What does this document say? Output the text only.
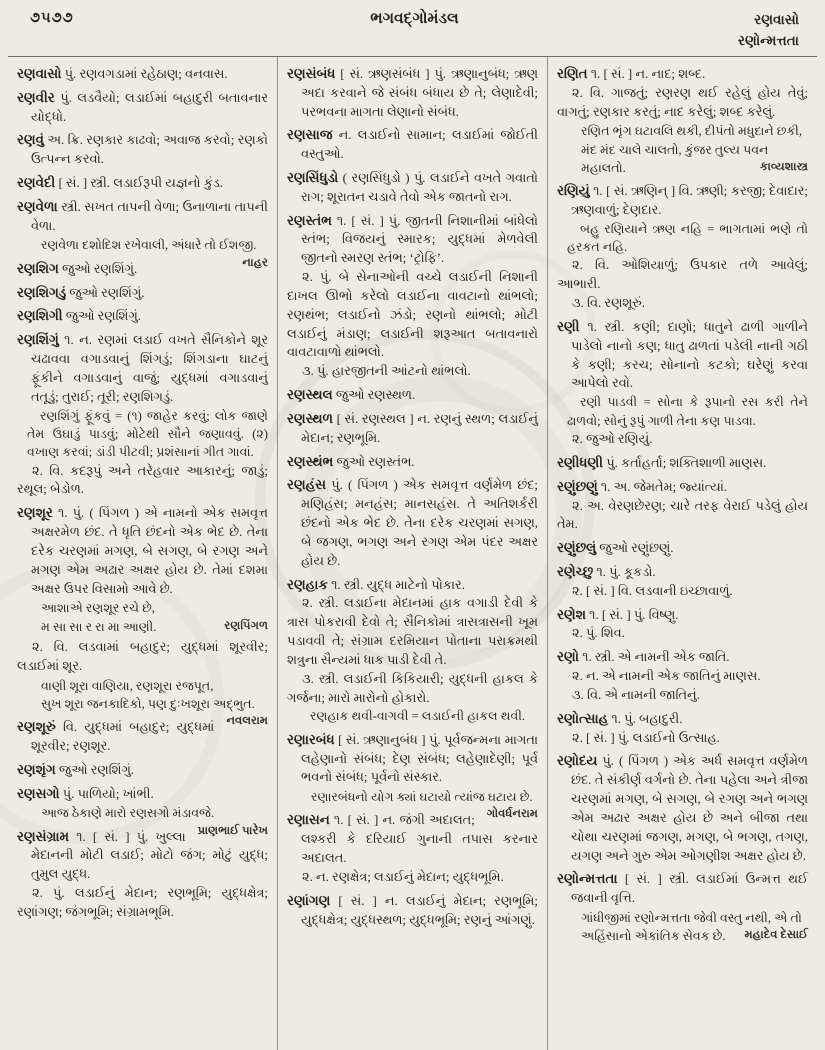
૭૫૭૭	ભગવદ્ગોમંડલ	રણવાસો
રણોન્મત્તતા

રણવાસો પું. રણવગડામાં રહેઠાણ; વનવાસ.

રણવીર પું. લડવૈયો; લડાઈમાં બહાદુરી બતાવનાર યોદ્ધો.

રણવું અ. ક્રિ. રણકાર કાઢવો; અવાજ કરવો; રણકો ઉત્પન્ન કરવો.

રણવેદી [ સં. ] સ્ત્રી. લડાઈરૂપી યજ્ઞનો કુંડ.

રણવેળા સ્ત્રી. સખત તાપની વેળા; ઉનાળાના તાપની વેળા.

રણવેળા દશોદિશ રખેવાલી, અંધારે તો ઈશજી.
નાહર

રણશિગ જુઓ રણશિંગું.

રણશિગડું જુઓ રણશિંગું.

રણશિગી જુઓ રણશિંગું.

રણશિંગું ૧. ન. રણમાં લડાઈ વખતે સૈનિકોને શૂર ચઢાવવા વગાડવાનું શિંગડું; શિંગડાના ઘાટનું ફૂંકીને વગાડવાનું વાજું; યુદ્ધમાં વગાડવાનું તતૂડું; તુરાઈ; તૂરી; રણશિગડું.

રણશિંગું ફૂંકવું = (૧) જાહેર કરવું; લોક જાણે તેમ ઉઘાડું પાડવું; મોટેથી સૌને જણાવવું. (૨) વખાણ કરવાં; ડાંડી પીટવી; પ્રશંસાનાં ગીત ગાવાં.

૨. વિ. કદરૂપું અને તરેહવાર આકારનું; જાડું; રથૂલ; બેડોળ.

રણશૂર ૧. પું. ( પિંગળ ) એ નામનો એક સમવૃત્ત અક્ષરમેળ છંદ. તે ધૃતિ છંદનો એક ભેદ છે. તેના દરેક ચરણમાં મગણ, બે સગણ, બે રગણ અને મગણ એમ અઢાર અક્ષર હોય છે. તેમાં દશમા અક્ષર ઉપર વિસામો આવે છે.

આશાએ રણશૂર રચે છે,
મ સા સા ર રા મા આણી.	રણપિંગળ

૨. વિ. લડવામાં બહાદુર; યુદ્ધમાં શૂરવીર; લડાઈમાં શૂર.

વાણી શૂરા વાણિયા, રણશૂરા રજપૂત,
સુખ શૂરા જનકાદિકો, પણ દુઃખશૂરા અદ્ભુત.
નવલરામ

રણશૂરું વિ. યુદ્ધમાં બહાદુર; યુદ્ધમાં શૂરવીર; રણશૂર.

રણશૃંગ જુઓ રણશિંગું.

રણસગો પું. પાળિયો; ખાંભી.

આજ ઠેકાણે મારો રણસગો મંડાવજે.
પ્રાણભાઈ પારેખ

રણસંગ્રામ ૧. [ સં. ] પું. ખુલ્લા મેદાનની મોટી લડાઈ; મોટો જંગ; મોટું યુદ્ધ; તુમુલ યુદ્ધ.

૨. પું. લડાઈનું મેદાન; રણભૂમિ; યુદ્ધક્ષેત્ર; રણાંગણ; જંગભૂમિ; સંગ્રામભૂમિ.

રણસંબંધ [ સં. ઋણસંબંધ ] પું. ઋણાનુબંધ; ઋણ અદા કરવાને જે સંબંધ બંધાય છે તે; લેણાદેવી; પરભવના માગતા લેણાનો સંબંધ.

રણસાજ ન. લડાઈનો સામાન; લડાઈમાં જોઈતી વસ્તુઓ.

રણસિંધુડો ( રણસિંધુડો ) પું. લડાઈને વખતે ગવાતો રાગ; શૂરાતન ચડાવે તેવો એક જાતનો રાગ.

રણસ્તંભ ૧. [ સં. ] પું. જીતની નિશાનીમાં બાંધેલો સ્તંભ; વિજયનું સ્મારક; યુદ્ધમાં મેળવેલી જીતનો સ્મરણ સ્તંભ; ‘ટ્રોફિ’.

૨. પું. બે સેનાઓની વચ્ચે લડાઈની નિશાની દાખલ ઊભો કરેલો લડાઈના વાવટાનો થાંભલો; રણથંભ; લડાઈનો ઝંડો; રણનો થાંભલો; મોટી લડાઈનું મંડાણ; લડાઈની શરૂઆત બતાવનારો વાવટાવાળો થાંભલો.

૩. પું. હારજીતની આંટનો થાંભલો.

રણસ્થલ જુઓ રણસ્થળ.

રણસ્થળ [ સં. રણસ્થલ ] ન. રણનું સ્થળ; લડાઈનું મેદાન; રણભૂમિ.

રણસ્થંભ જુઓ રણસ્તંભ.

રણહંસ પું. ( પિંગળ ) એક સમવૃત્ત વર્ણમેળ છંદ; મણિહંસ; મનહંસ; માનસહંસ. તે અતિશર્કરી છંદનો એક ભેદ છે. તેના દરેક ચરણમાં સગણ, બે જગણ, ભગણ અને રગણ એમ પંદર અક્ષર હોય છે.

રણહાક ૧. સ્ત્રી. યુદ્ધ માટેનો પોકાર.

૨. સ્ત્રી. લડાઈના મેદાનમાં હાક વગાડી દેવી કે ત્રાસ પોકરાવી દેવો તે; સૈનિકોમાં ત્રાસત્રાસની ખૂમ પડાવવી તે; સંગ્રામ દરમિયાન પોતાના પરાક્રમથી શત્રુના સૈન્યમાં ધાક પાડી દેવી તે.

૩. સ્ત્રી. લડાઈની કિકિયારી; યુદ્ધની હાકલ કે ગર્જના; મારો મારોનો હોકારો.

રણહાક થવી-વાગવી = લડાઈની હાકલ થવી.

રણારબંધ [ સં. ઋણાનુબંધ ] પું. પૂર્વજન્મના માગતા લહેણાનો સંબંધ; દેણ સંબંધ; લહેણાદેણી; પૂર્વ ભવનો સંબંધ; પૂર્વનો સંસ્કાર.

રણારબંધનો યોગ ક્યાં ઘટાયો ત્યાંજ ઘટાય છે.
ગોવર્ધનરામ

રણાસન ૧. [ સં. ] ન. જંગી અદાલત; લશ્કરી કે દરિયાઈ ગુનાની તપાસ કરનાર અદાલત.

૨. ન. રણક્ષેત્ર; લડાઈનું મેદાન; યુદ્ધભૂમિ.

રણાંગણ [ સં. ] ન. લડાઈનું મેદાન; રણભૂમિ; યુદ્ધક્ષેત્ર; યુદ્ધસ્થળ; યુદ્ધભૂમિ; રણનું આંગણું.

રણિત ૧. [ સં. ] ન. નાદ; શબ્દ.

૨. વિ. ગાજતું; રણરણ થઈ રહેલું હોય તેવું; વાગતું; રણકાર કરતું; નાદ કરેલું; શબ્દ કરેલું.

રણિત ભૃંગ ઘટાવલિ થકી, દીપંતો મધુદાને છકી,
મંદ મંદ ચાલે ચાલતો, કુંજર તુલ્ય પવન મહાલતો.	કાવ્યશાસ્ત્ર

રણિયું ૧. [ સં. ઋણિન્ ] વિ. ઋણી; કરજી; દેવાદાર; ઋણવાળું; દેણદાર.

બહુ રણિયાને ઋણ નહિ = ભાગતામાં ભણે તો હરકત નહિ.

૨. વિ. ઓશિયાળું; ઉપકાર તળે આવેલું; આભારી.

૩. વિ. રણશૂરું.

રણી ૧. સ્ત્રી. કણી; દાણો; ધાતુને ઢાળી ગાળીને પાડેલો નાનો કણ; ધાતુ ઢાળતાં પડેલી નાની ગઠી કે કણી; કરચ; સોનાનો કટકો; ઘરેણું કરવા આપેલો રવો.

રણી પાડવી = સોના કે રૂપાનો રસ કરી તેને ઢાળવો; સોનું રૂપું ગાળી તેના કણ પાડવા.

૨. જુઓ રણિયું.

રણીધણી પું. કર્તાહર્તા; શક્તિશાળી માણસ.

રણુંછણું ૧. અ. જેમતેમ; જ્યાંત્યાં.

૨. અ. વેરણછેરણ; ચારે તરફ વેરાઈ પડેલું હોય તેમ.

રણુંછલું જુઓ રણુંછણું.

રણેચ્છુ ૧. પું. કૂકડો.

૨. [ સં. ] વિ. લડવાની ઇચ્છાવાળું.

રણેશ ૧. [ સં. ] પું. વિષ્ણુ.

૨. પું. શિવ.

રણો ૧. સ્ત્રી. એ નામની એક જાતિ.

૨. ન. એ નામની એક જાતિનું માણસ.

૩. વિ. એ નામની જાતિનું.

રણોત્સાહ ૧. પું. બહાદુરી.

૨. [ સં. ] પું. લડાઈનો ઉત્સાહ.

રણોદય પું. ( પિંગળ ) એક અર્ધ સમવૃત્ત વર્ણમેળ છંદ. તે સંકીર્ણ વર્ગનો છે. તેના પહેલા અને ત્રીજા ચરણમાં મગણ, બે સગણ, બે રગણ અને ભગણ એમ અઢાર અક્ષર હોય છે અને બીજા તથા ચોથા ચરણમાં જગણ, મગણ, બે ભગણ, તગણ, યગણ અને ગુરુ એમ ઓગણીશ અક્ષર હોય છે.

રણોન્મત્તતા [ સં. ] સ્ત્રી. લડાઈમાં ઉન્મત્ત થઈ જવાની વૃત્તિ.

ગાંધીજીમાં રણોન્મત્તતા જેવી વસ્તુ નથી, એ તો અહિંસાનો એકાંતિક સેવક છે.	મહાદેવ દેસાઈ
